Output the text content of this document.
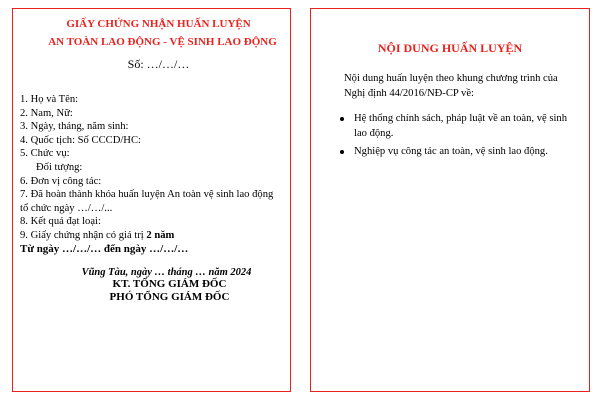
GIẤY CHỨNG NHẬN HUẤN LUYỆN
AN TOÀN LAO ĐỘNG - VỆ SINH LAO ĐỘNG
Số: …/…/…
1. Họ và Tên:
2. Nam, Nữ:
3. Ngày, tháng, năm sinh:
4. Quốc tịch: Số CCCD/HC:
5. Chức vụ:
Đối tượng:
6. Đơn vị công tác:
7. Đã hoàn thành khóa huấn luyện An toàn vệ sinh lao động tổ chức ngày …/…/...
8. Kết quả đạt loại:
9. Giấy chứng nhận có giá trị 2 năm
Từ ngày …/…/… đến ngày …/…/…
Vũng Tàu, ngày … tháng … năm 2024
KT. TỔNG GIÁM ĐỐC
PHÓ TỔNG GIÁM ĐỐC
NỘI DUNG HUẤN LUYỆN
Nội dung huấn luyện theo khung chương trình của Nghị định 44/2016/NĐ-CP về:
Hệ thống chính sách, pháp luật về an toàn, vệ sinh lao động.
Nghiệp vụ công tác an toàn, vệ sinh lao động.
